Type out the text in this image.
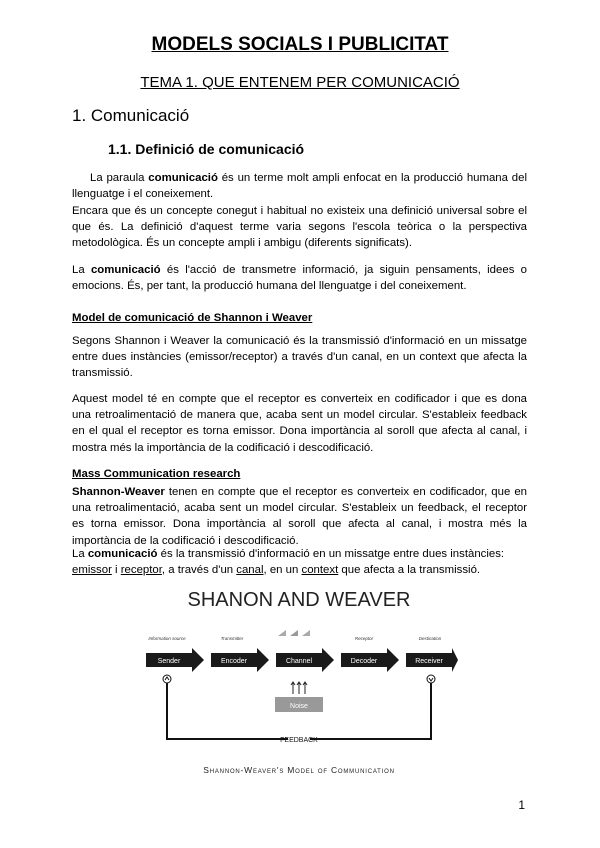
MODELS SOCIALS I PUBLICITAT
TEMA 1. QUE ENTENEM PER COMUNICACIÓ
1. Comunicació
1.1. Definició de comunicació
La paraula comunicació és un terme molt ampli enfocat en la producció humana del llenguatge i el coneixement.
Encara que és un concepte conegut i habitual no existeix una definició universal sobre el que és. La definició d'aquest terme varia segons l'escola teòrica o la perspectiva metodològica. És un concepte ampli i ambigu (diferents significats).
La comunicació és l'acció de transmetre informació, ja siguin pensaments, idees o emocions. És, per tant, la producció humana del llenguatge i del coneixement.
Model de comunicació de Shannon i Weaver
Segons Shannon i Weaver la comunicació és la transmissió d'informació en un missatge entre dues instàncies (emissor/receptor) a través d'un canal, en un context que afecta la transmissió.
Aquest model té en compte que el receptor es converteix en codificador i que es dona una retroalimentació de manera que, acaba sent un model circular. S'estableix feedback en el qual el receptor es torna emissor. Dona importància al soroll que afecta al canal, i mostra més la importància de la codificació i descodificació.
Mass Communication research
Shannon-Weaver tenen en compte que el receptor es converteix en codificador, que en una retroalimentació, acaba sent un model circular. S'estableix un feedback, el receptor es torna emissor. Dona importància al soroll que afecta al canal, i mostra més la importància de la codificació i descodificació.
La comunicació és la transmissió d'informació en un missatge entre dues instàncies:
emissor i receptor, a través d'un canal, en un context que afecta a la transmissió.
SHANON AND WEAVER
Information source	Transmitter	Receptor	Destination
Sender	Encoder	Channel	Decoder	Receiver
Noise
FEEDBACK
Shannon-Weaver's Model of Communication
1
